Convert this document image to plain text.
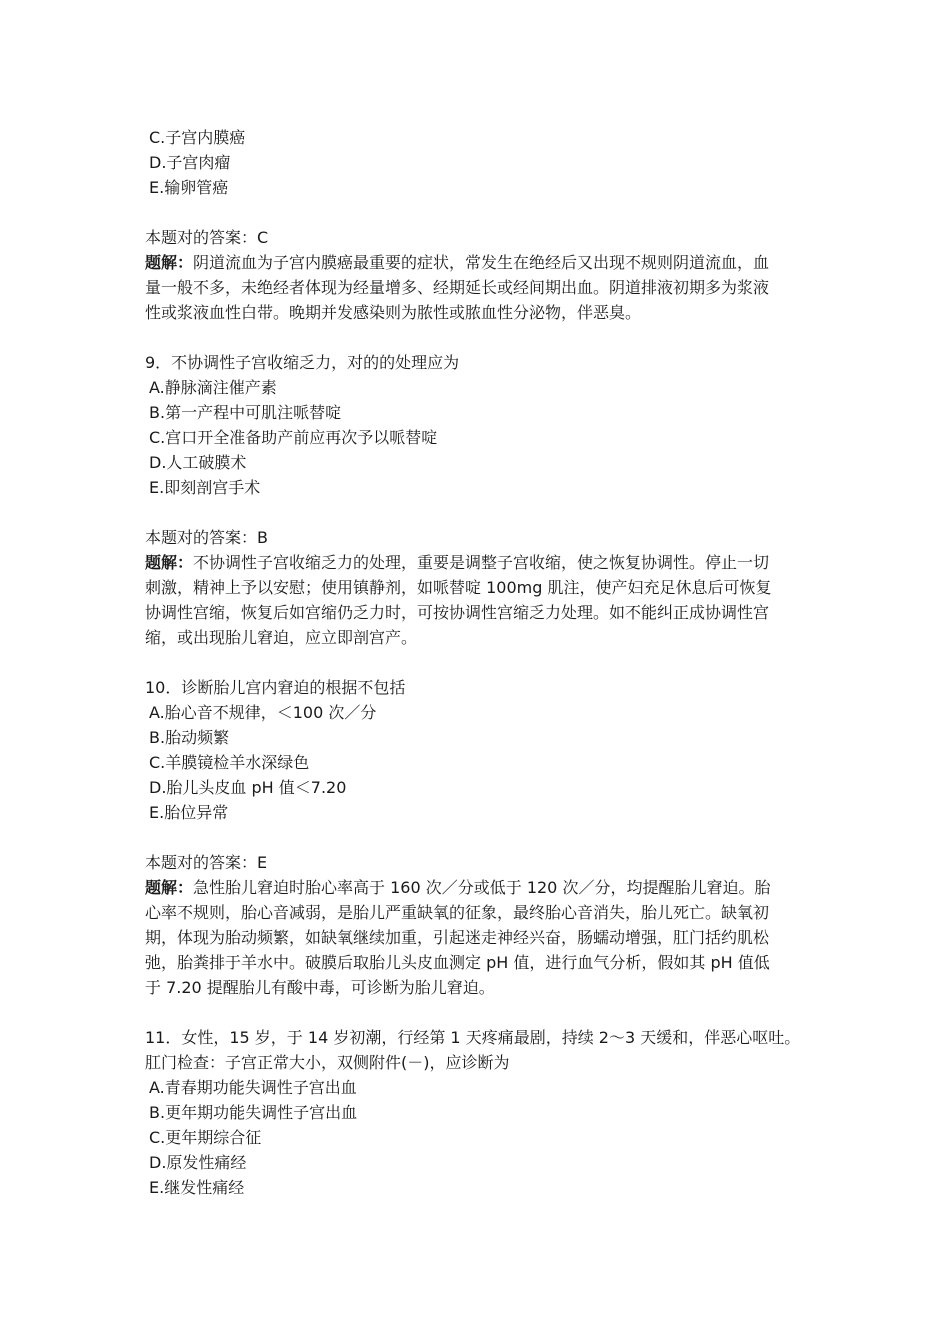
C.子宫内膜癌
D.子宫肉瘤
E.输卵管癌
本题对的答案：C
题解：阴道流血为子宫内膜癌最重要的症状，常发生在绝经后又出现不规则阴道流血，血
量一般不多，未绝经者体现为经量增多、经期延长或经间期出血。阴道排液初期多为浆液
性或浆液血性白带。晚期并发感染则为脓性或脓血性分泌物，伴恶臭。
9．不协调性子宫收缩乏力，对的的处理应为
A.静脉滴注催产素
B.第一产程中可肌注哌替啶
C.宫口开全准备助产前应再次予以哌替啶
D.人工破膜术
E.即刻剖宫手术
本题对的答案：B
题解：不协调性子宫收缩乏力的处理，重要是调整子宫收缩，使之恢复协调性。停止一切
刺激，精神上予以安慰；使用镇静剂，如哌替啶 100mg 肌注，使产妇充足休息后可恢复
协调性宫缩，恢复后如宫缩仍乏力时，可按协调性宫缩乏力处理。如不能纠正成协调性宫
缩，或出现胎儿窘迫，应立即剖宫产。
10．诊断胎儿宫内窘迫的根据不包括
A.胎心音不规律，＜100 次／分
B.胎动频繁
C.羊膜镜检羊水深绿色
D.胎儿头皮血 pH 值＜7.20
E.胎位异常
本题对的答案：E
题解：急性胎儿窘迫时胎心率高于 160 次／分或低于 120 次／分，均提醒胎儿窘迫。胎
心率不规则，胎心音减弱，是胎儿严重缺氧的征象，最终胎心音消失，胎儿死亡。缺氧初
期，体现为胎动频繁，如缺氧继续加重，引起迷走神经兴奋，肠蠕动增强，肛门括约肌松
弛，胎粪排于羊水中。破膜后取胎儿头皮血测定 pH 值，进行血气分析，假如其 pH 值低
于 7.20 提醒胎儿有酸中毒，可诊断为胎儿窘迫。
11．女性，15 岁，于 14 岁初潮，行经第 1 天疼痛最剧，持续 2～3 天缓和，伴恶心呕吐。
肛门检查：子宫正常大小，双侧附件(－)，应诊断为
A.青春期功能失调性子宫出血
B.更年期功能失调性子宫出血
C.更年期综合征
D.原发性痛经
E.继发性痛经
